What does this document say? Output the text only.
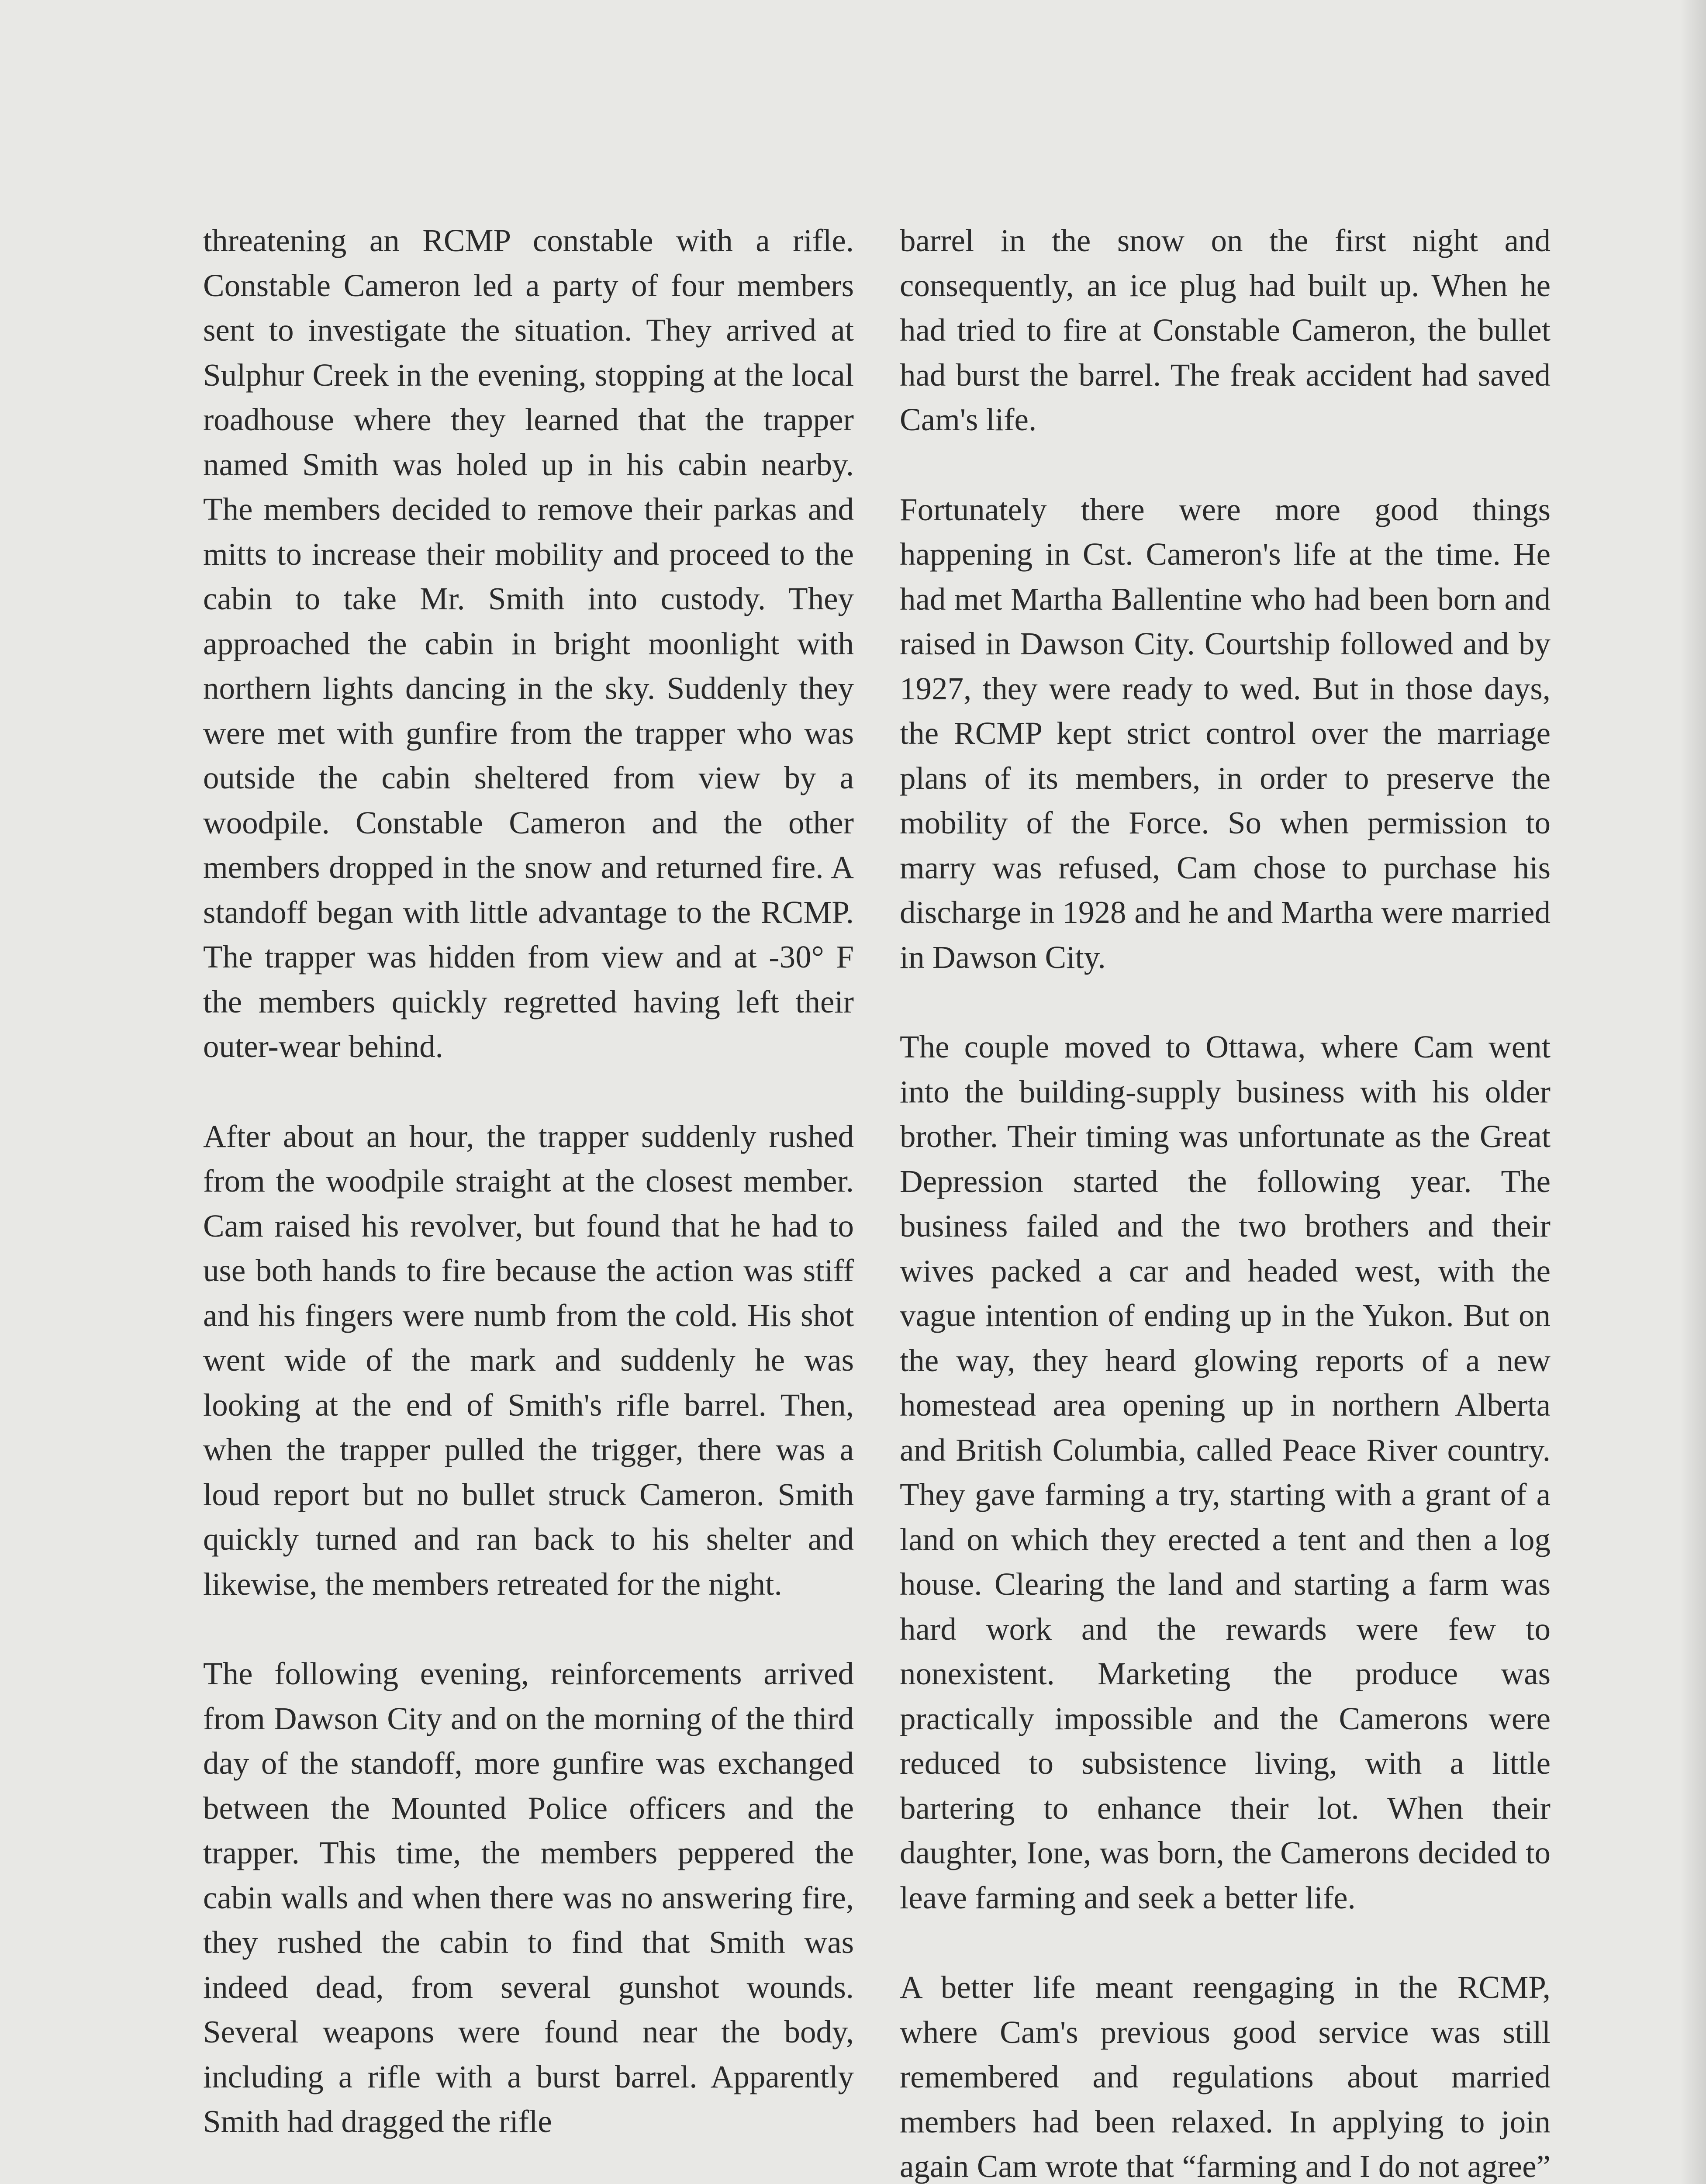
threatening an RCMP constable with a rifle. Constable Cameron led a party of four members sent to investigate the situation. They arrived at Sulphur Creek in the evening, stopping at the local roadhouse where they learned that the trapper named Smith was holed up in his cabin nearby. The members decided to remove their parkas and mitts to increase their mobility and proceed to the cabin to take Mr. Smith into custody. They approached the cabin in bright moonlight with northern lights dancing in the sky. Suddenly they were met with gunfire from the trapper who was outside the cabin sheltered from view by a woodpile. Constable Cameron and the other members dropped in the snow and returned fire. A standoff began with little advantage to the RCMP. The trapper was hidden from view and at -30° F the members quickly regretted having left their outer-wear behind.

After about an hour, the trapper suddenly rushed from the woodpile straight at the closest member. Cam raised his revolver, but found that he had to use both hands to fire because the action was stiff and his fingers were numb from the cold. His shot went wide of the mark and suddenly he was looking at the end of Smith's rifle barrel. Then, when the trapper pulled the trigger, there was a loud report but no bullet struck Cameron. Smith quickly turned and ran back to his shelter and likewise, the members retreated for the night.

The following evening, reinforcements arrived from Dawson City and on the morning of the third day of the standoff, more gunfire was exchanged between the Mounted Police officers and the trapper. This time, the members peppered the cabin walls and when there was no answering fire, they rushed the cabin to find that Smith was indeed dead, from several gunshot wounds. Several weapons were found near the body, including a rifle with a burst barrel. Apparently Smith had dragged the rifle

barrel in the snow on the first night and consequently, an ice plug had built up. When he had tried to fire at Constable Cameron, the bullet had burst the barrel. The freak accident had saved Cam's life.

Fortunately there were more good things happening in Cst. Cameron's life at the time. He had met Martha Ballentine who had been born and raised in Dawson City. Courtship followed and by 1927, they were ready to wed. But in those days, the RCMP kept strict control over the marriage plans of its members, in order to preserve the mobility of the Force. So when permission to marry was refused, Cam chose to purchase his discharge in 1928 and he and Martha were married in Dawson City.

The couple moved to Ottawa, where Cam went into the building-supply business with his older brother. Their timing was unfortunate as the Great Depression started the following year. The business failed and the two brothers and their wives packed a car and headed west, with the vague intention of ending up in the Yukon. But on the way, they heard glowing reports of a new homestead area opening up in northern Alberta and British Columbia, called Peace River country. They gave farming a try, starting with a grant of a land on which they erected a tent and then a log house. Clearing the land and starting a farm was hard work and the rewards were few to nonexistent. Marketing the produce was practically impossible and the Camerons were reduced to subsistence living, with a little bartering to enhance their lot. When their daughter, Ione, was born, the Camerons decided to leave farming and seek a better life.

A better life meant reengaging in the RCMP, where Cam's previous good service was still remembered and regulations about married members had been relaxed. In applying to join again Cam wrote that “farming and I do not agree”
